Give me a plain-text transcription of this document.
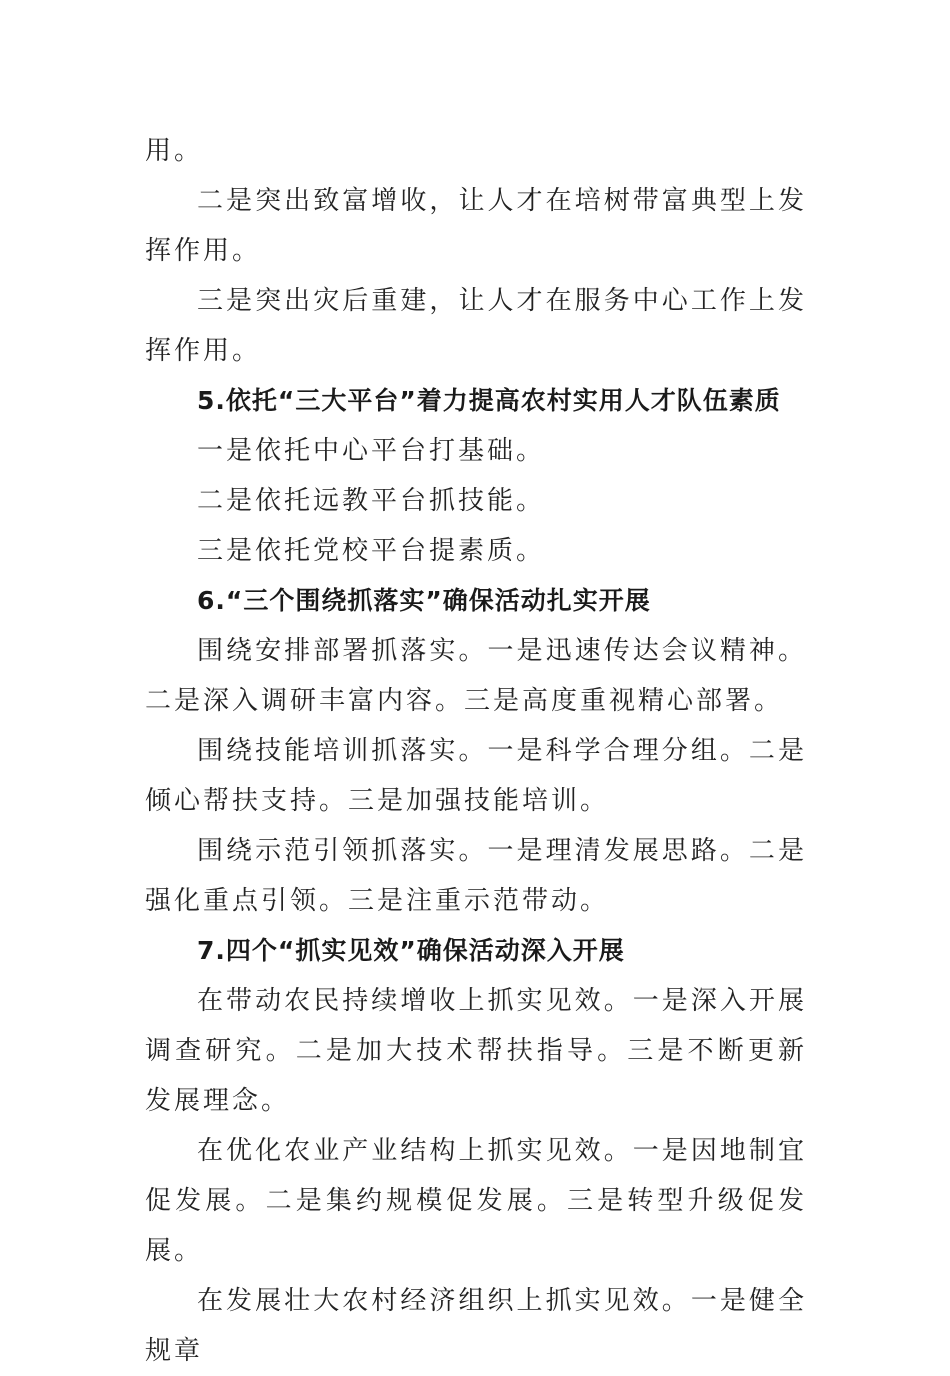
用。

二是突出致富增收，让人才在培树带富典型上发挥作用。

三是突出灾后重建，让人才在服务中心工作上发挥作用。

5.依托“三大平台”着力提高农村实用人才队伍素质

一是依托中心平台打基础。

二是依托远教平台抓技能。

三是依托党校平台提素质。

6.“三个围绕抓落实”确保活动扎实开展

围绕安排部署抓落实。一是迅速传达会议精神。二是深入调研丰富内容。三是高度重视精心部署。

围绕技能培训抓落实。一是科学合理分组。二是倾心帮扶支持。三是加强技能培训。

围绕示范引领抓落实。一是理清发展思路。二是强化重点引领。三是注重示范带动。

7.四个“抓实见效”确保活动深入开展

在带动农民持续增收上抓实见效。一是深入开展调查研究。二是加大技术帮扶指导。三是不断更新发展理念。

在优化农业产业结构上抓实见效。一是因地制宜促发展。二是集约规模促发展。三是转型升级促发展。

在发展壮大农村经济组织上抓实见效。一是健全规章
